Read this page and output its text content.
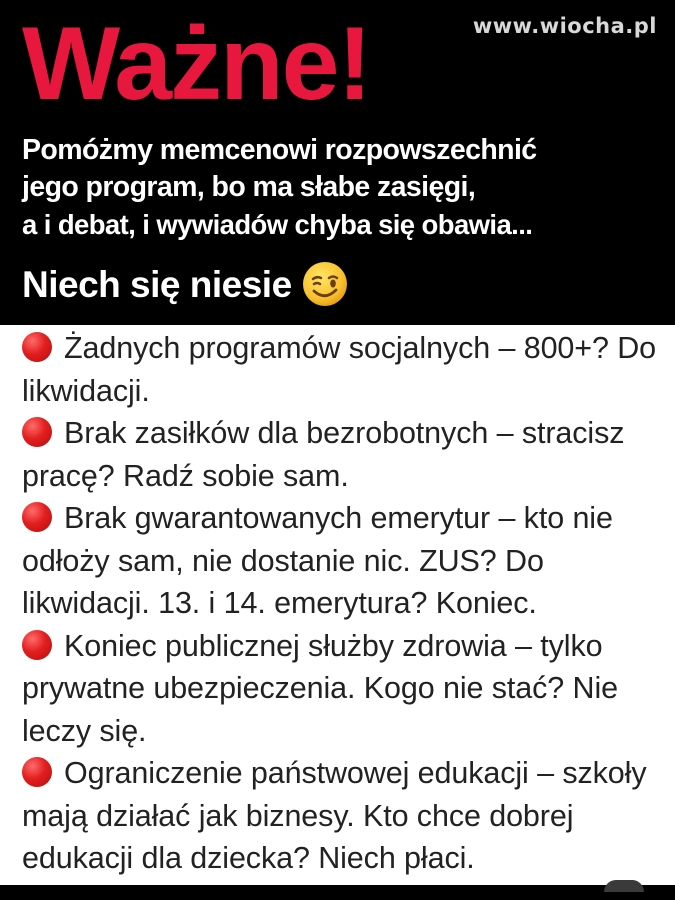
www.wiocha.pl
Ważne!
Pomóżmy memcenowi rozpowszechnić
jego program, bo ma słabe zasięgi,
a i debat, i wywiadów chyba się obawia...
Niech się niesie

Żadnych programów socjalnych – 800+? Do likwidacji.

Brak zasiłków dla bezrobotnych – stracisz pracę? Radź sobie sam.

Brak gwarantowanych emerytur – kto nie odłoży sam, nie dostanie nic. ZUS? Do likwidacji. 13. i 14. emerytura? Koniec.

Koniec publicznej służby zdrowia – tylko prywatne ubezpieczenia. Kogo nie stać? Nie leczy się.

Ograniczenie państwowej edukacji – szkoły mają działać jak biznesy. Kto chce dobrej edukacji dla dziecka? Niech płaci.
